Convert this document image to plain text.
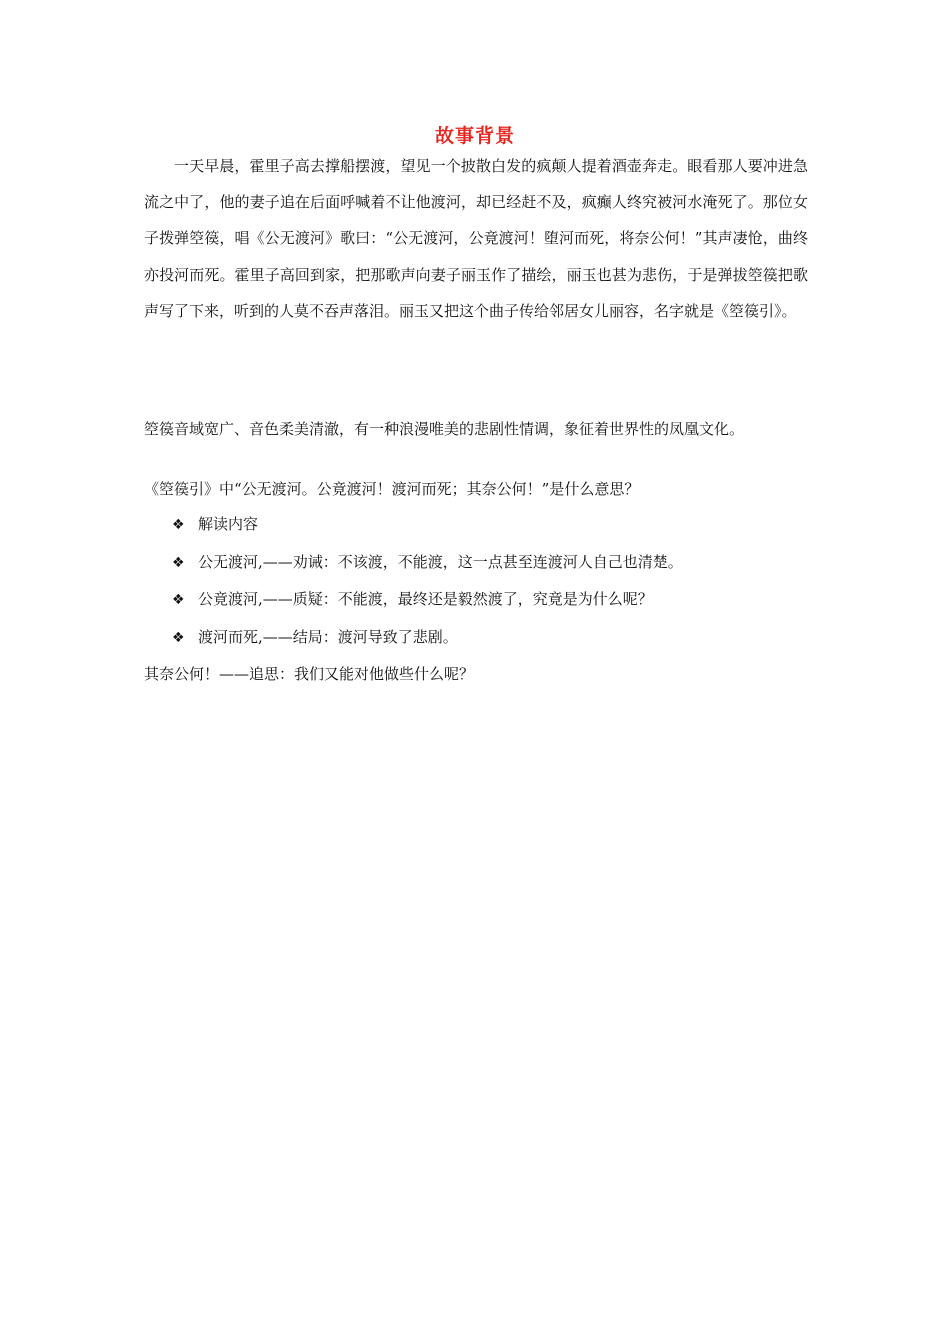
故事背景
一天早晨，霍里子高去撑船摆渡，望见一个披散白发的疯颠人提着酒壶奔走。眼看那人要冲进急流之中了，他的妻子追在后面呼喊着不让他渡河，却已经赶不及，疯癫人终究被河水淹死了。那位女子拨弹箜篌，唱《公无渡河》歌曰：“公无渡河，公竟渡河！堕河而死，将奈公何！”其声凄怆，曲终亦投河而死。霍里子高回到家，把那歌声向妻子丽玉作了描绘，丽玉也甚为悲伤，于是弹拔箜篌把歌声写了下来，听到的人莫不吞声落泪。丽玉又把这个曲子传给邻居女儿丽容，名字就是《箜篌引》。
箜篌音域宽广、音色柔美清澈，有一种浪漫唯美的悲剧性情调，象征着世界性的凤凰文化。
《箜篌引》中“公无渡河。公竟渡河！渡河而死；其奈公何！”是什么意思？
❖ 解读内容
❖ 公无渡河,——劝诫：不该渡，不能渡，这一点甚至连渡河人自己也清楚。
❖ 公竟渡河,——质疑：不能渡，最终还是毅然渡了，究竟是为什么呢？
❖ 渡河而死,——结局：渡河导致了悲剧。
其奈公何！——追思：我们又能对他做些什么呢？
